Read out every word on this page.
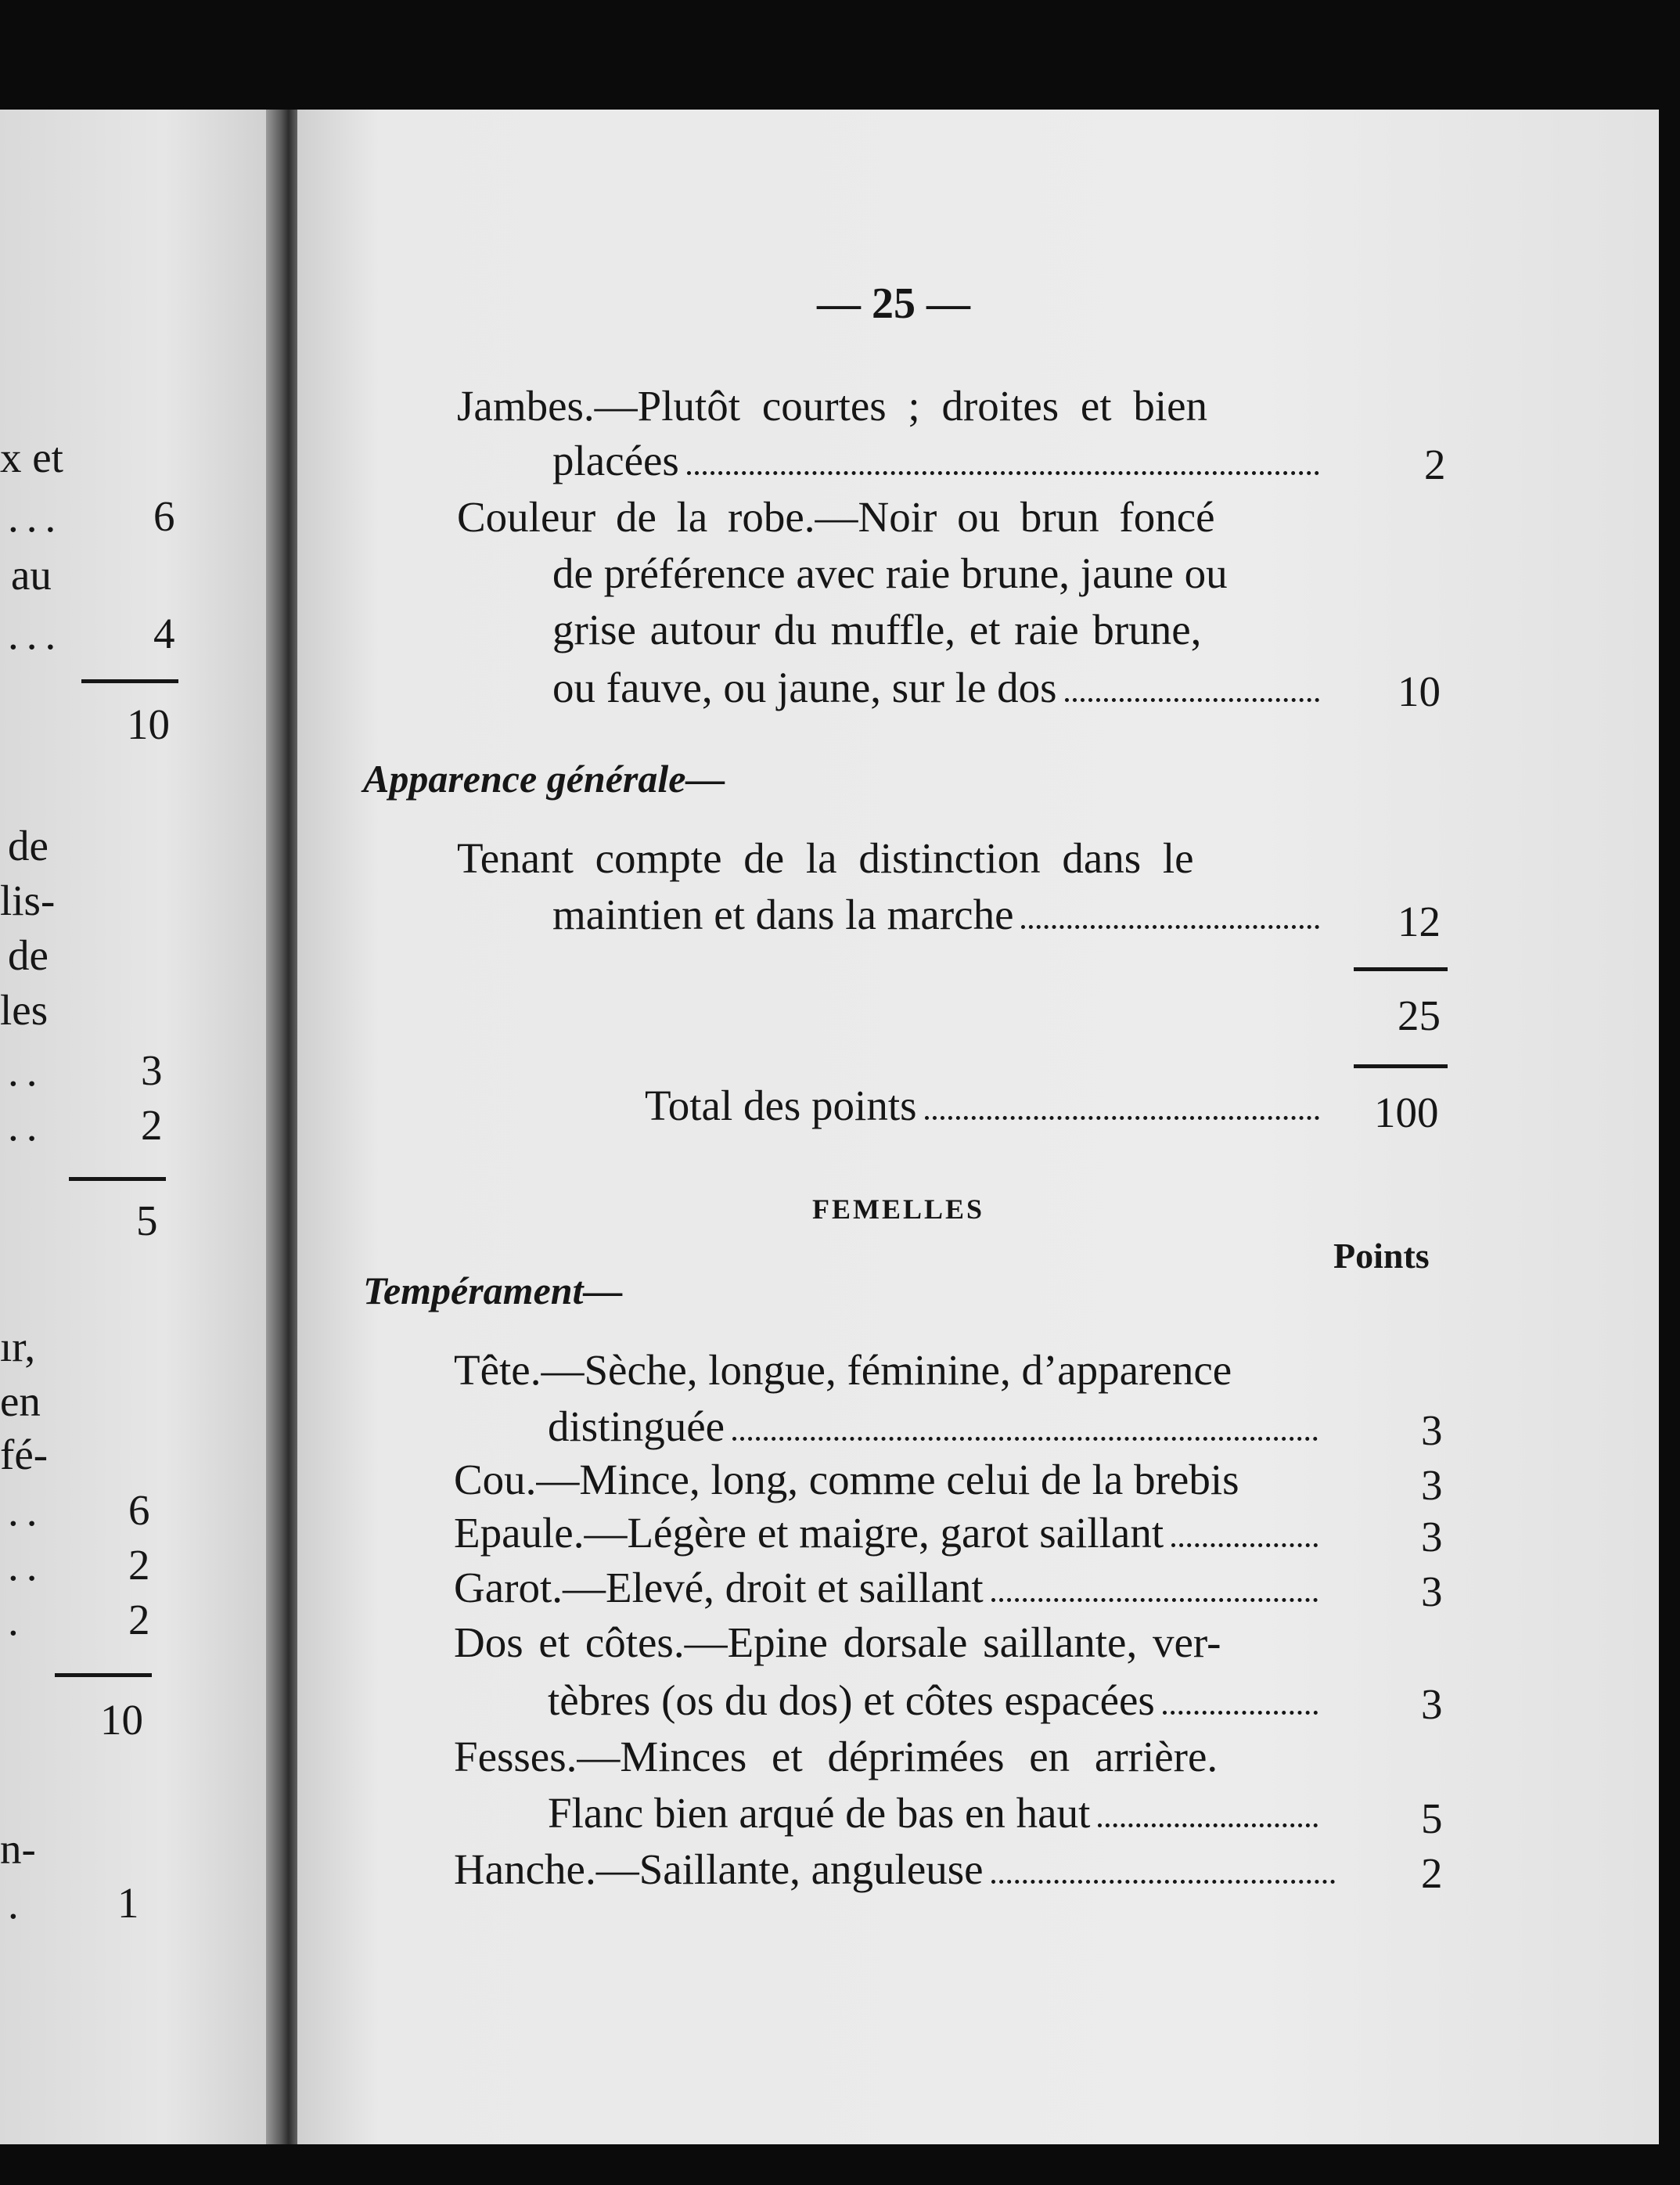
x et
... 6
au
... 4
10
de
lis-
de
les
.. 3
.. 2
5
ır,
en
fé-
.. 6
.. 2
.	2
10
n-
. 1
— 25 —
Jambes.—Plutôt courtes ; droites et bien
placées	2
Couleur de la robe.—Noir ou brun foncé
de préférence avec raie brune, jaune ou
grise autour du muffle, et raie brune,
ou fauve, ou jaune, sur le dos	10
Apparence générale—
Tenant compte de la distinction dans le
maintien et dans la marche	12
25
Total des points	100
FEMELLES
Points
Tempérament—
Tête.—Sèche, longue, féminine, d’apparence
distinguée	3
Cou.—Mince, long, comme celui de la brebis	3
Epaule.—Légère et maigre, garot saillant	3
Garot.—Elevé, droit et saillant	3
Dos et côtes.—Epine dorsale saillante, ver-
tèbres (os du dos) et côtes espacées	3
Fesses.—Minces et déprimées en arrière.
Flanc bien arqué de bas en haut	5
Hanche.—Saillante, anguleuse	2
